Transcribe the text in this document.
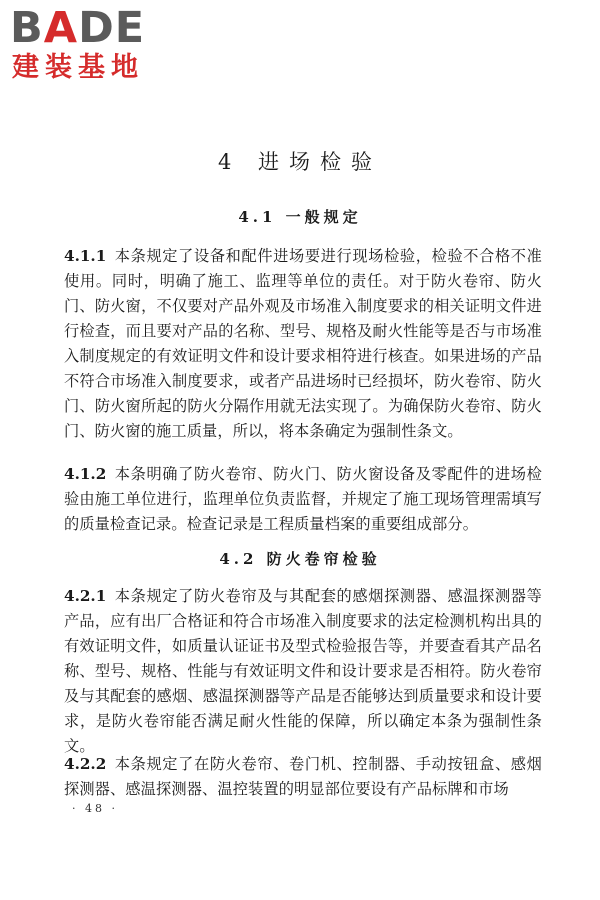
BADE
建装基地
4 进场检验
4.1 一般规定
4.1.1 本条规定了设备和配件进场要进行现场检验，检验不合格不准使用。同时，明确了施工、监理等单位的责任。对于防火卷帘、防火门、防火窗，不仅要对产品外观及市场准入制度要求的相关证明文件进行检查，而且要对产品的名称、型号、规格及耐火性能等是否与市场准入制度规定的有效证明文件和设计要求相符进行核查。如果进场的产品不符合市场准入制度要求，或者产品进场时已经损坏，防火卷帘、防火门、防火窗所起的防火分隔作用就无法实现了。为确保防火卷帘、防火门、防火窗的施工质量，所以，将本条确定为强制性条文。
4.1.2 本条明确了防火卷帘、防火门、防火窗设备及零配件的进场检验由施工单位进行，监理单位负责监督，并规定了施工现场管理需填写的质量检查记录。检查记录是工程质量档案的重要组成部分。
4.2 防火卷帘检验
4.2.1 本条规定了防火卷帘及与其配套的感烟探测器、感温探测器等产品，应有出厂合格证和符合市场准入制度要求的法定检测机构出具的有效证明文件，如质量认证证书及型式检验报告等，并要查看其产品名称、型号、规格、性能与有效证明文件和设计要求是否相符。防火卷帘及与其配套的感烟、感温探测器等产品是否能够达到质量要求和设计要求，是防火卷帘能否满足耐火性能的保障，所以确定本条为强制性条文。
4.2.2 本条规定了在防火卷帘、卷门机、控制器、手动按钮盒、感烟探测器、感温探测器、温控装置的明显部位要设有产品标牌和市场
· 48 ·
